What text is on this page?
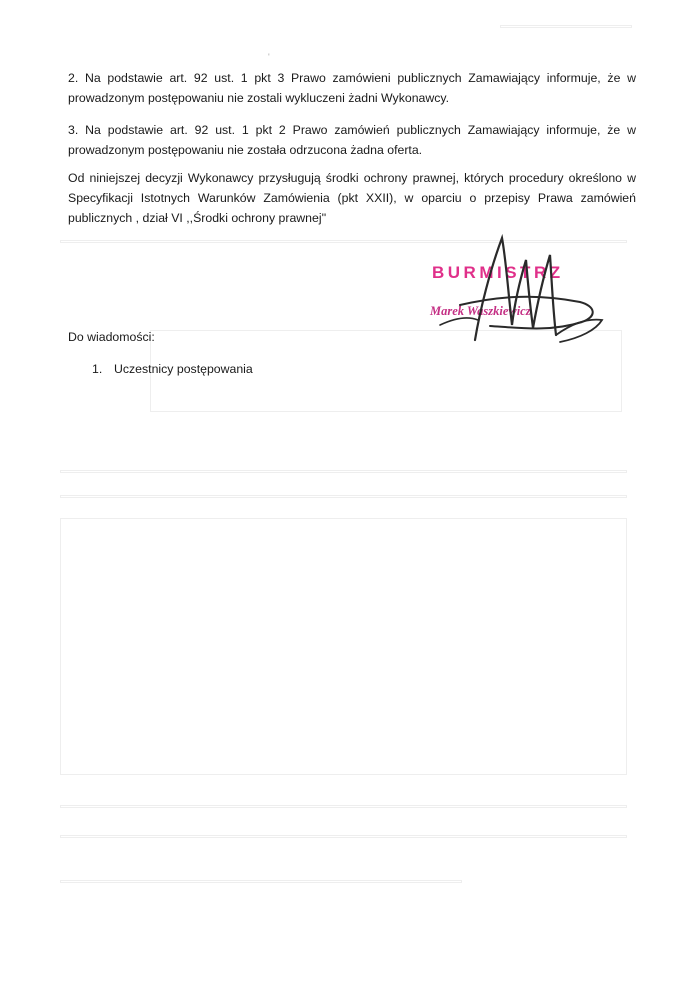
'
2. Na podstawie art. 92 ust. 1 pkt 3 Prawo zamówieni publicznych Zamawiający informuje, że w prowadzonym postępowaniu nie zostali wykluczeni żadni Wykonawcy.
3. Na podstawie art. 92 ust. 1 pkt 2 Prawo zamówień publicznych Zamawiający informuje, że w prowadzonym postępowaniu nie została odrzucona żadna oferta.
Od niniejszej decyzji Wykonawcy przysługują środki ochrony prawnej, których procedury określono w Specyfikacji Istotnych Warunków Zamówienia (pkt XXII), w oparciu o przepisy Prawa zamówień publicznych , dział VI ,,Środki ochrony prawnej''
Do wiadomości:
1. Uczestnicy postępowania
BURMISTRZ
Marek Waszkiewicz
